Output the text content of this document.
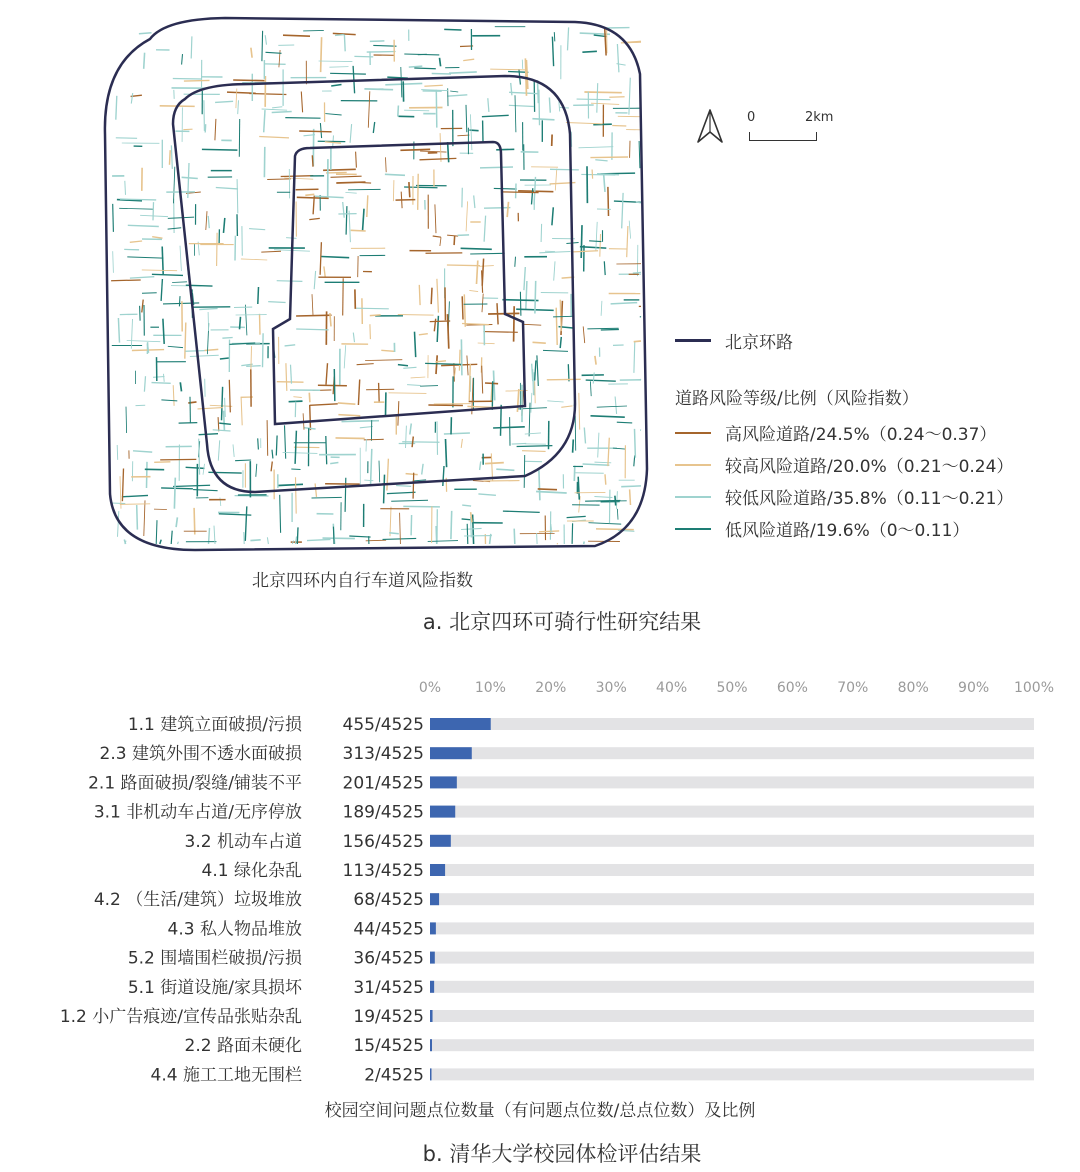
0	2km
北京环路
道路风险等级/比例（风险指数）
高风险道路/24.5%（0.24～0.37）
较高风险道路/20.0%（0.21～0.24）
较低风险道路/35.8%（0.11～0.21）
低风险道路/19.6%（0～0.11）
北京四环内自行车道风险指数
a. 北京四环可骑行性研究结果
0% 10% 20% 30% 40% 50% 60% 70% 80% 90% 100%
1.1 建筑立面破损/污损 455/4525
2.3 建筑外围不透水面破损 313/4525
2.1 路面破损/裂缝/铺装不平 201/4525
3.1 非机动车占道/无序停放 189/4525
3.2 机动车占道 156/4525
4.1 绿化杂乱 113/4525
4.2 （生活/建筑）垃圾堆放	68/4525
4.3 私人物品堆放	44/4525
5.2 围墙围栏破损/污损	36/4525
5.1 街道设施/家具损坏	31/4525
1.2 小广告痕迹/宣传品张贴杂乱	19/4525
2.2 路面未硬化	15/4525
4.4 施工工地无围栏	2/4525
校园空间问题点位数量（有问题点位数/总点位数）及比例
b. 清华大学校园体检评估结果
